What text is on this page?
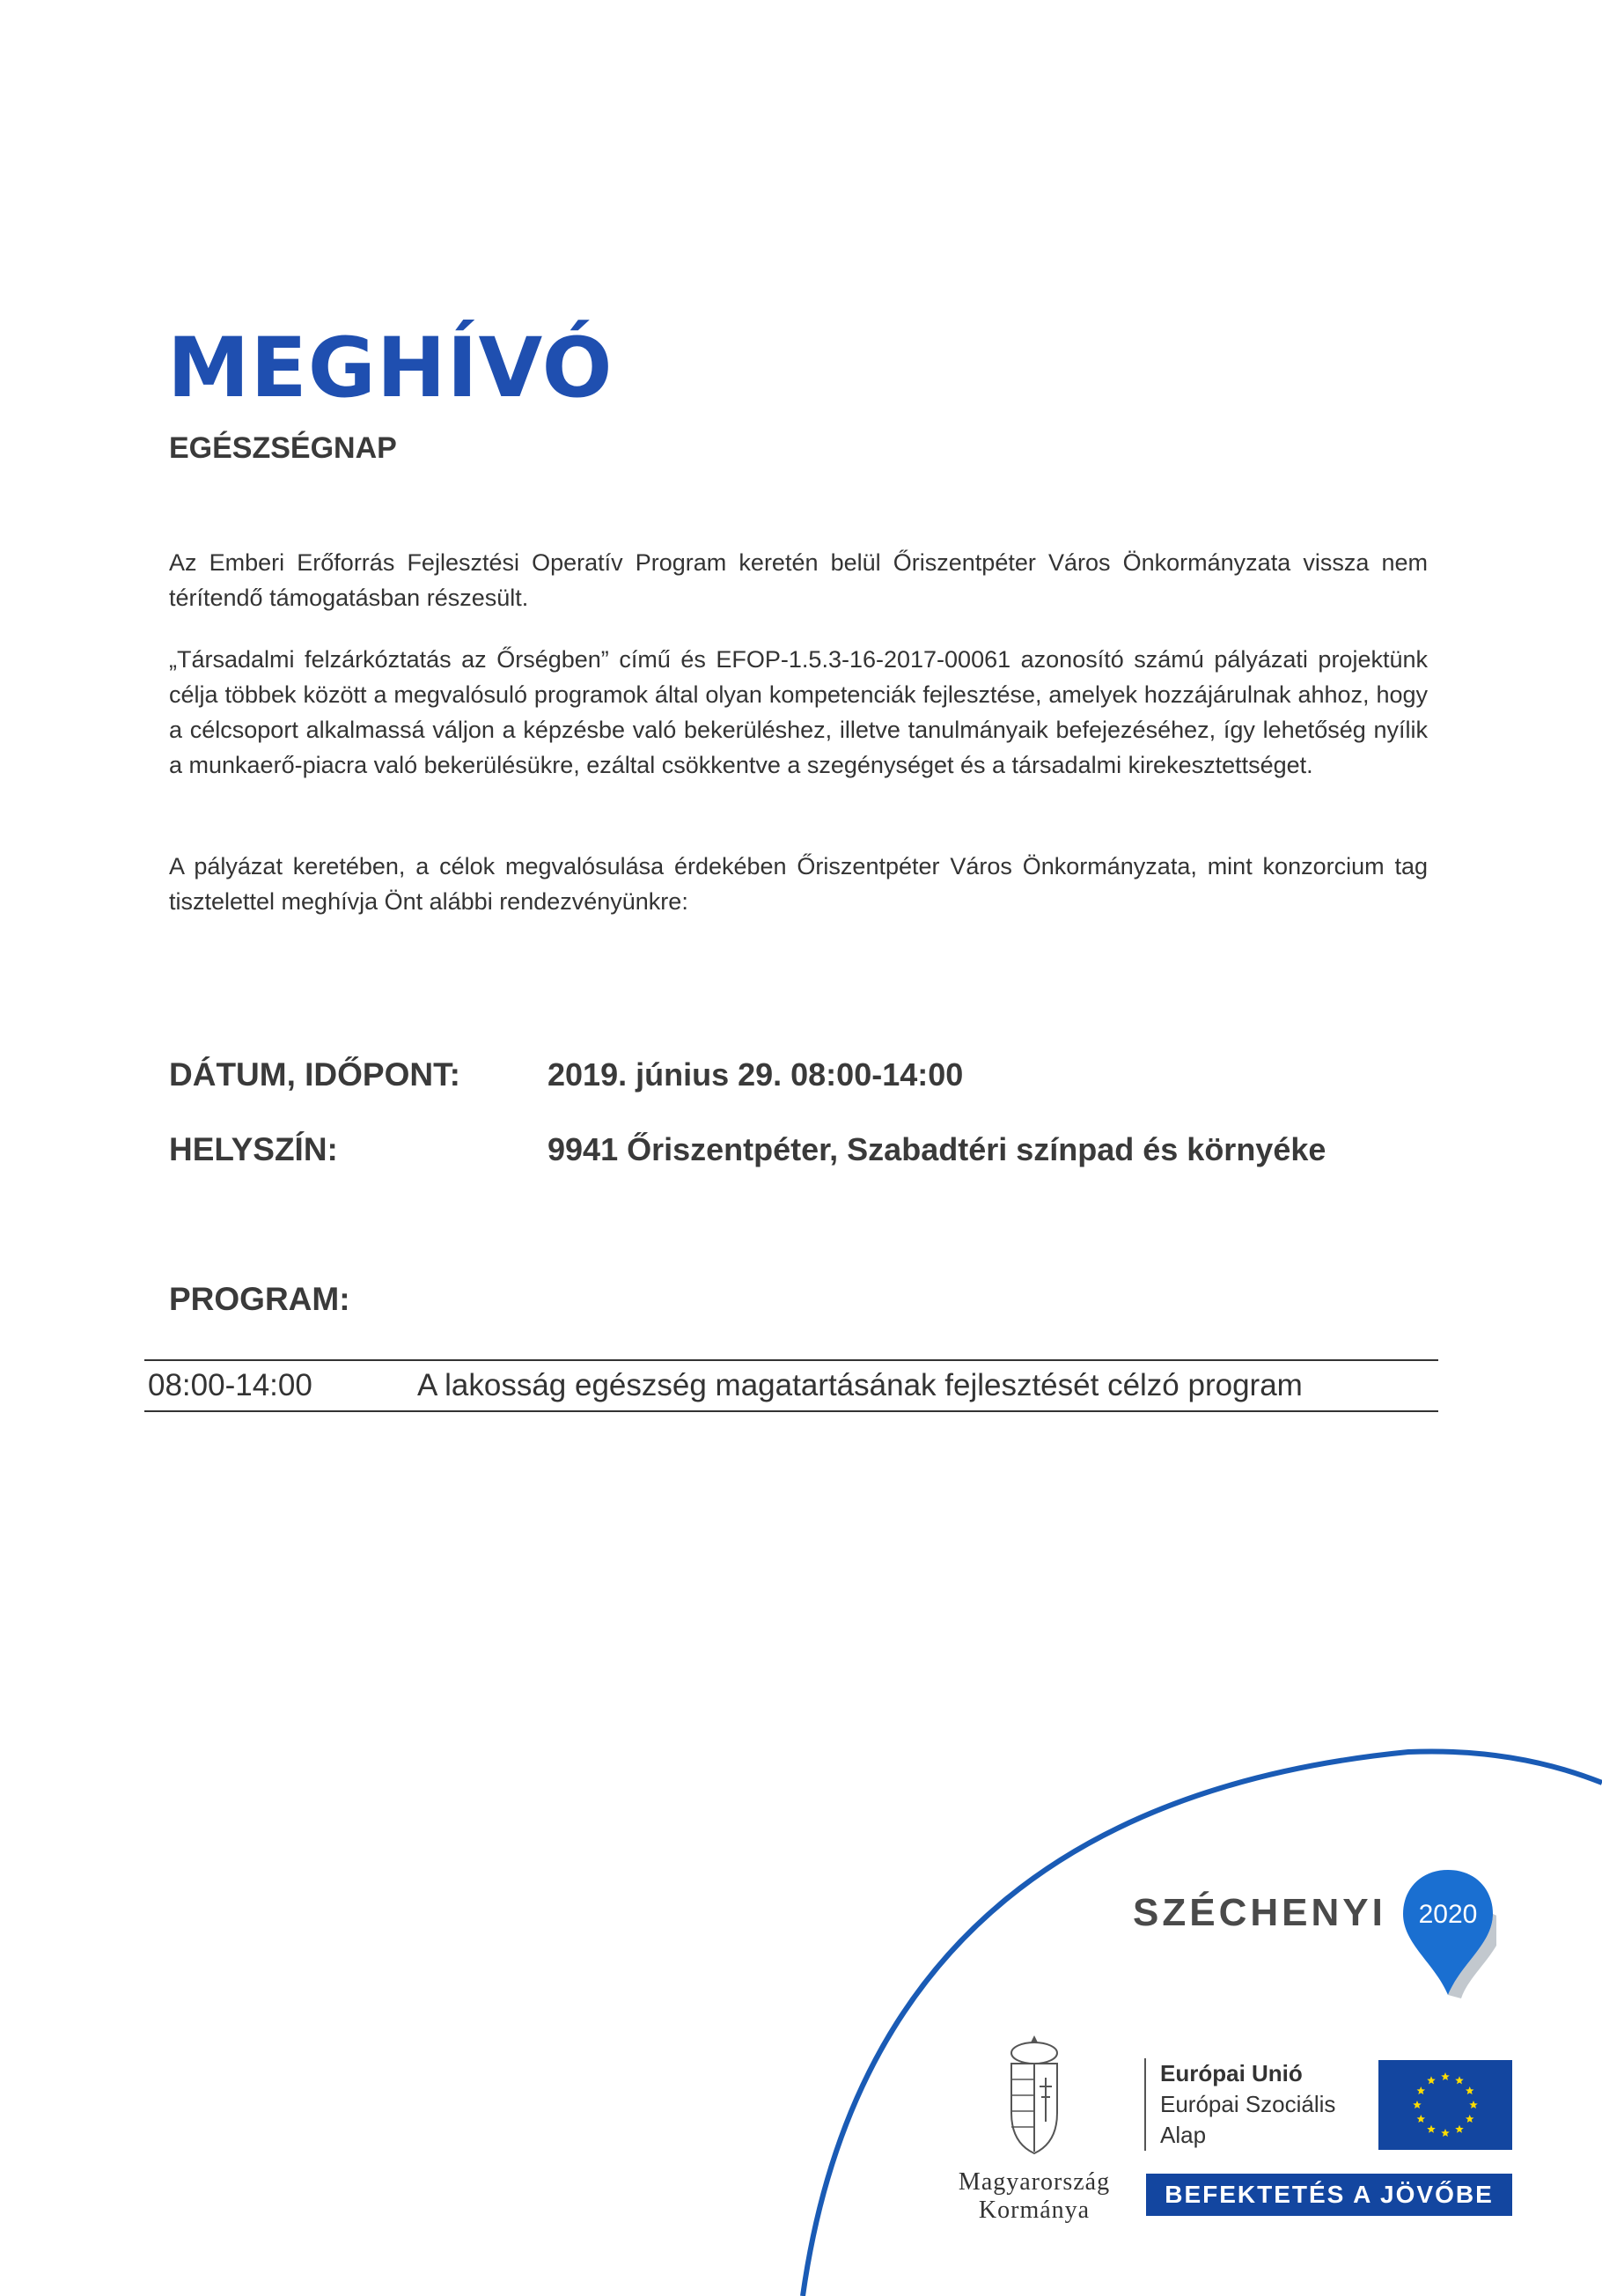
MEGHÍVÓ
EGÉSZSÉGNAP

Az Emberi Erőforrás Fejlesztési Operatív Program keretén belül Őriszentpéter Város Önkormányzata vissza nem térítendő támogatásban részesült.

„Társadalmi felzárkóztatás az Őrségben” című és EFOP-1.5.3-16-2017-00061 azonosító számú pályázati projektünk célja többek között a megvalósuló programok által olyan kompetenciák fejlesztése, amelyek hozzájárulnak ahhoz, hogy a célcsoport alkalmassá váljon a képzésbe való bekerüléshez, illetve tanulmányaik befejezéséhez, így lehetőség nyílik a munkaerő-piacra való bekerülésükre, ezáltal csökkentve a szegénységet és a társadalmi kirekesztettséget.

A pályázat keretében, a célok megvalósulása érdekében Őriszentpéter Város Önkormányzata, mint konzorcium tag tisztelettel meghívja Önt alábbi rendezvényünkre:

DÁTUM, IDŐPONT:	2019. június 29. 08:00-14:00
HELYSZÍN:	9941 Őriszentpéter, Szabadtéri színpad és környéke
PROGRAM:
08:00-14:00	A lakosság egészség magatartásának fejlesztését célzó program
SZÉCHENYI 2020
Magyarország
Kormánya
Európai Unió
Európai Szociális
Alap
BEFEKTETÉS A JÖVŐBE
